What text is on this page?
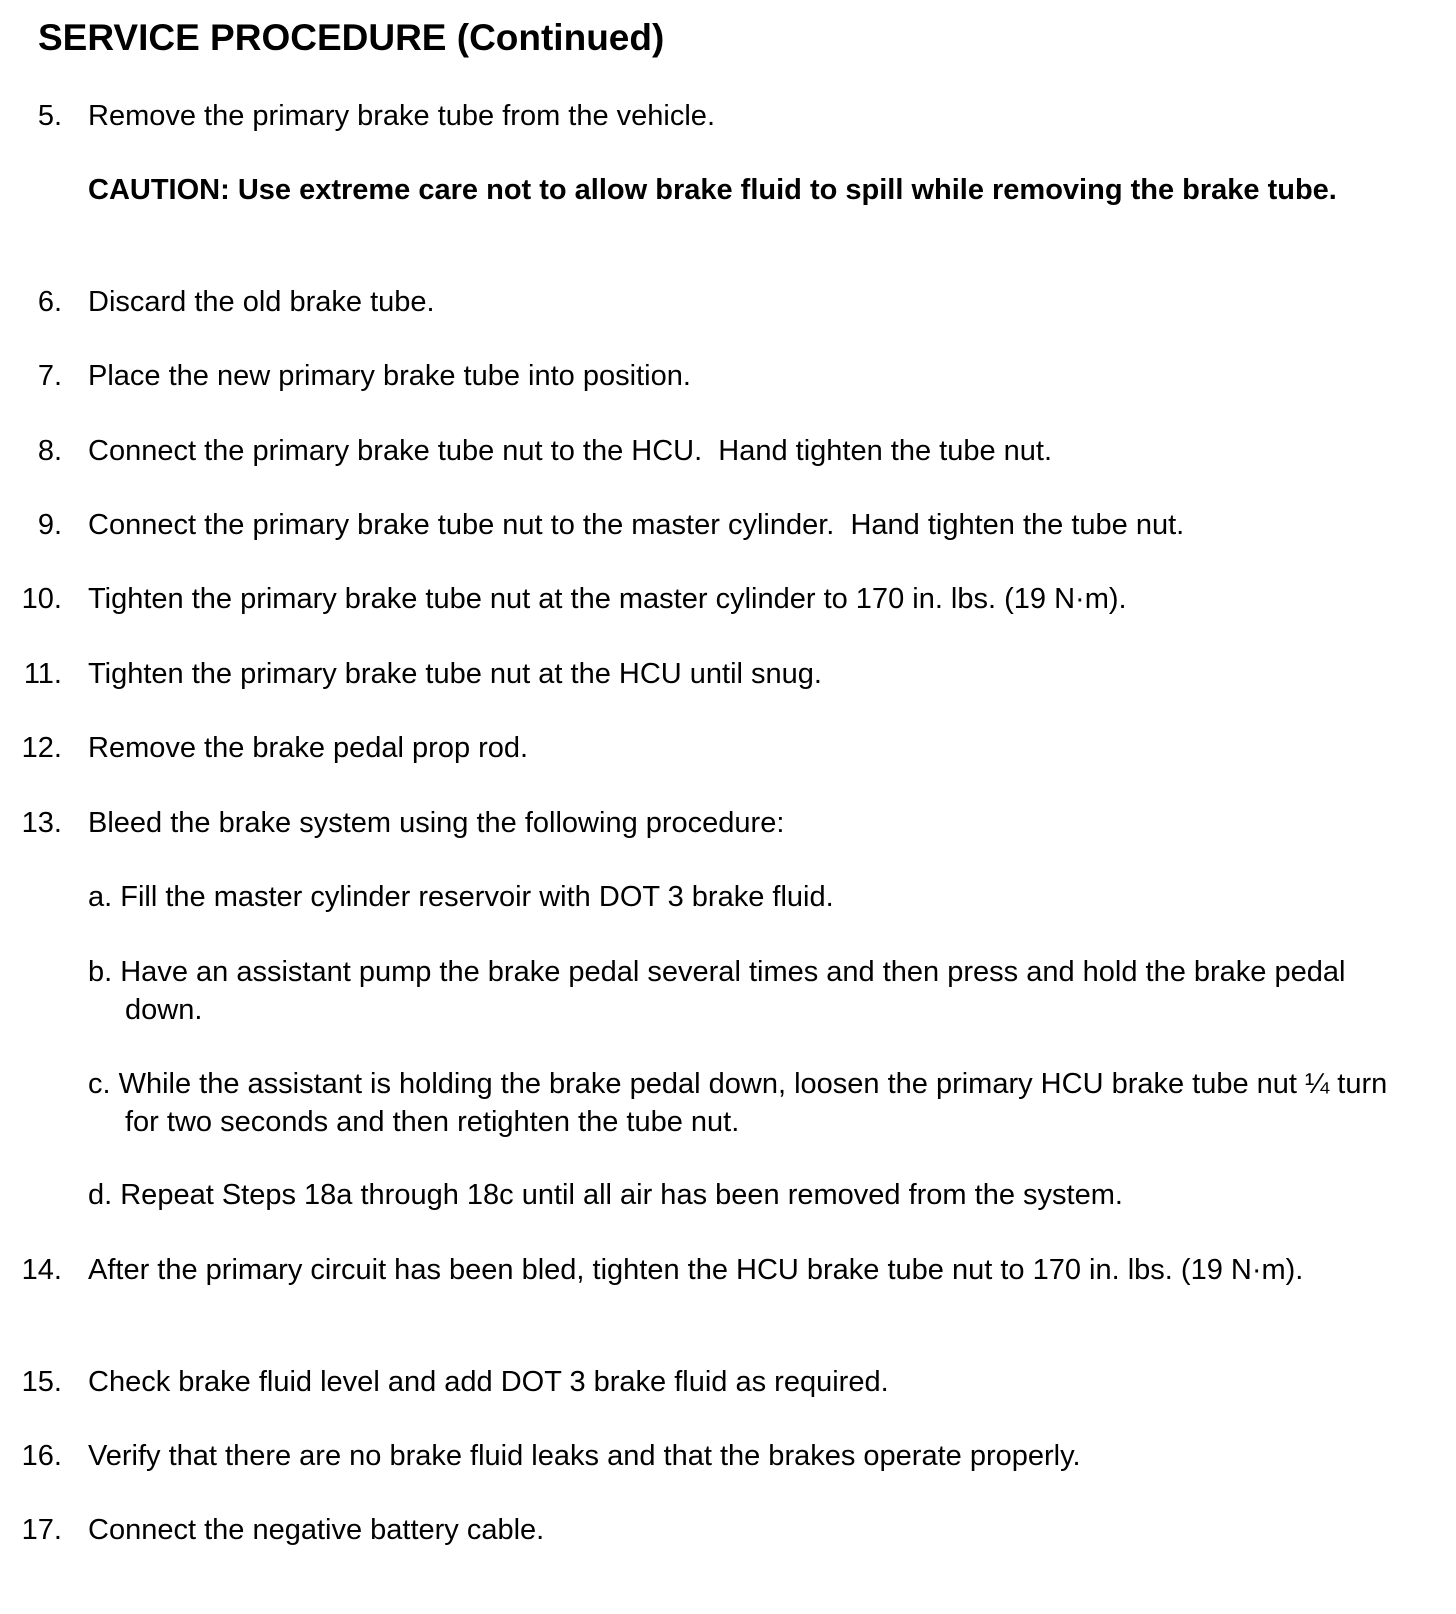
SERVICE PROCEDURE (Continued)
5. Remove the primary brake tube from the vehicle.
CAUTION: Use extreme care not to allow brake fluid to spill while removing the brake tube.
6. Discard the old brake tube.
7. Place the new primary brake tube into position.
8. Connect the primary brake tube nut to the HCU.  Hand tighten the tube nut.
9. Connect the primary brake tube nut to the master cylinder.  Hand tighten the tube nut.
10. Tighten the primary brake tube nut at the master cylinder to 170 in. lbs. (19 N·m).
11. Tighten the primary brake tube nut at the HCU until snug.
12. Remove the brake pedal prop rod.
13. Bleed the brake system using the following procedure:
a. Fill the master cylinder reservoir with DOT 3 brake fluid.
b. Have an assistant pump the brake pedal several times and then press and hold the brake pedal down.
c. While the assistant is holding the brake pedal down, loosen the primary HCU brake tube nut ¼ turn for two seconds and then retighten the tube nut.
d. Repeat Steps 18a through 18c until all air has been removed from the system.
14. After the primary circuit has been bled, tighten the HCU brake tube nut to 170 in. lbs. (19 N·m).
15. Check brake fluid level and add DOT 3 brake fluid as required.
16. Verify that there are no brake fluid leaks and that the brakes operate properly.
17. Connect the negative battery cable.
